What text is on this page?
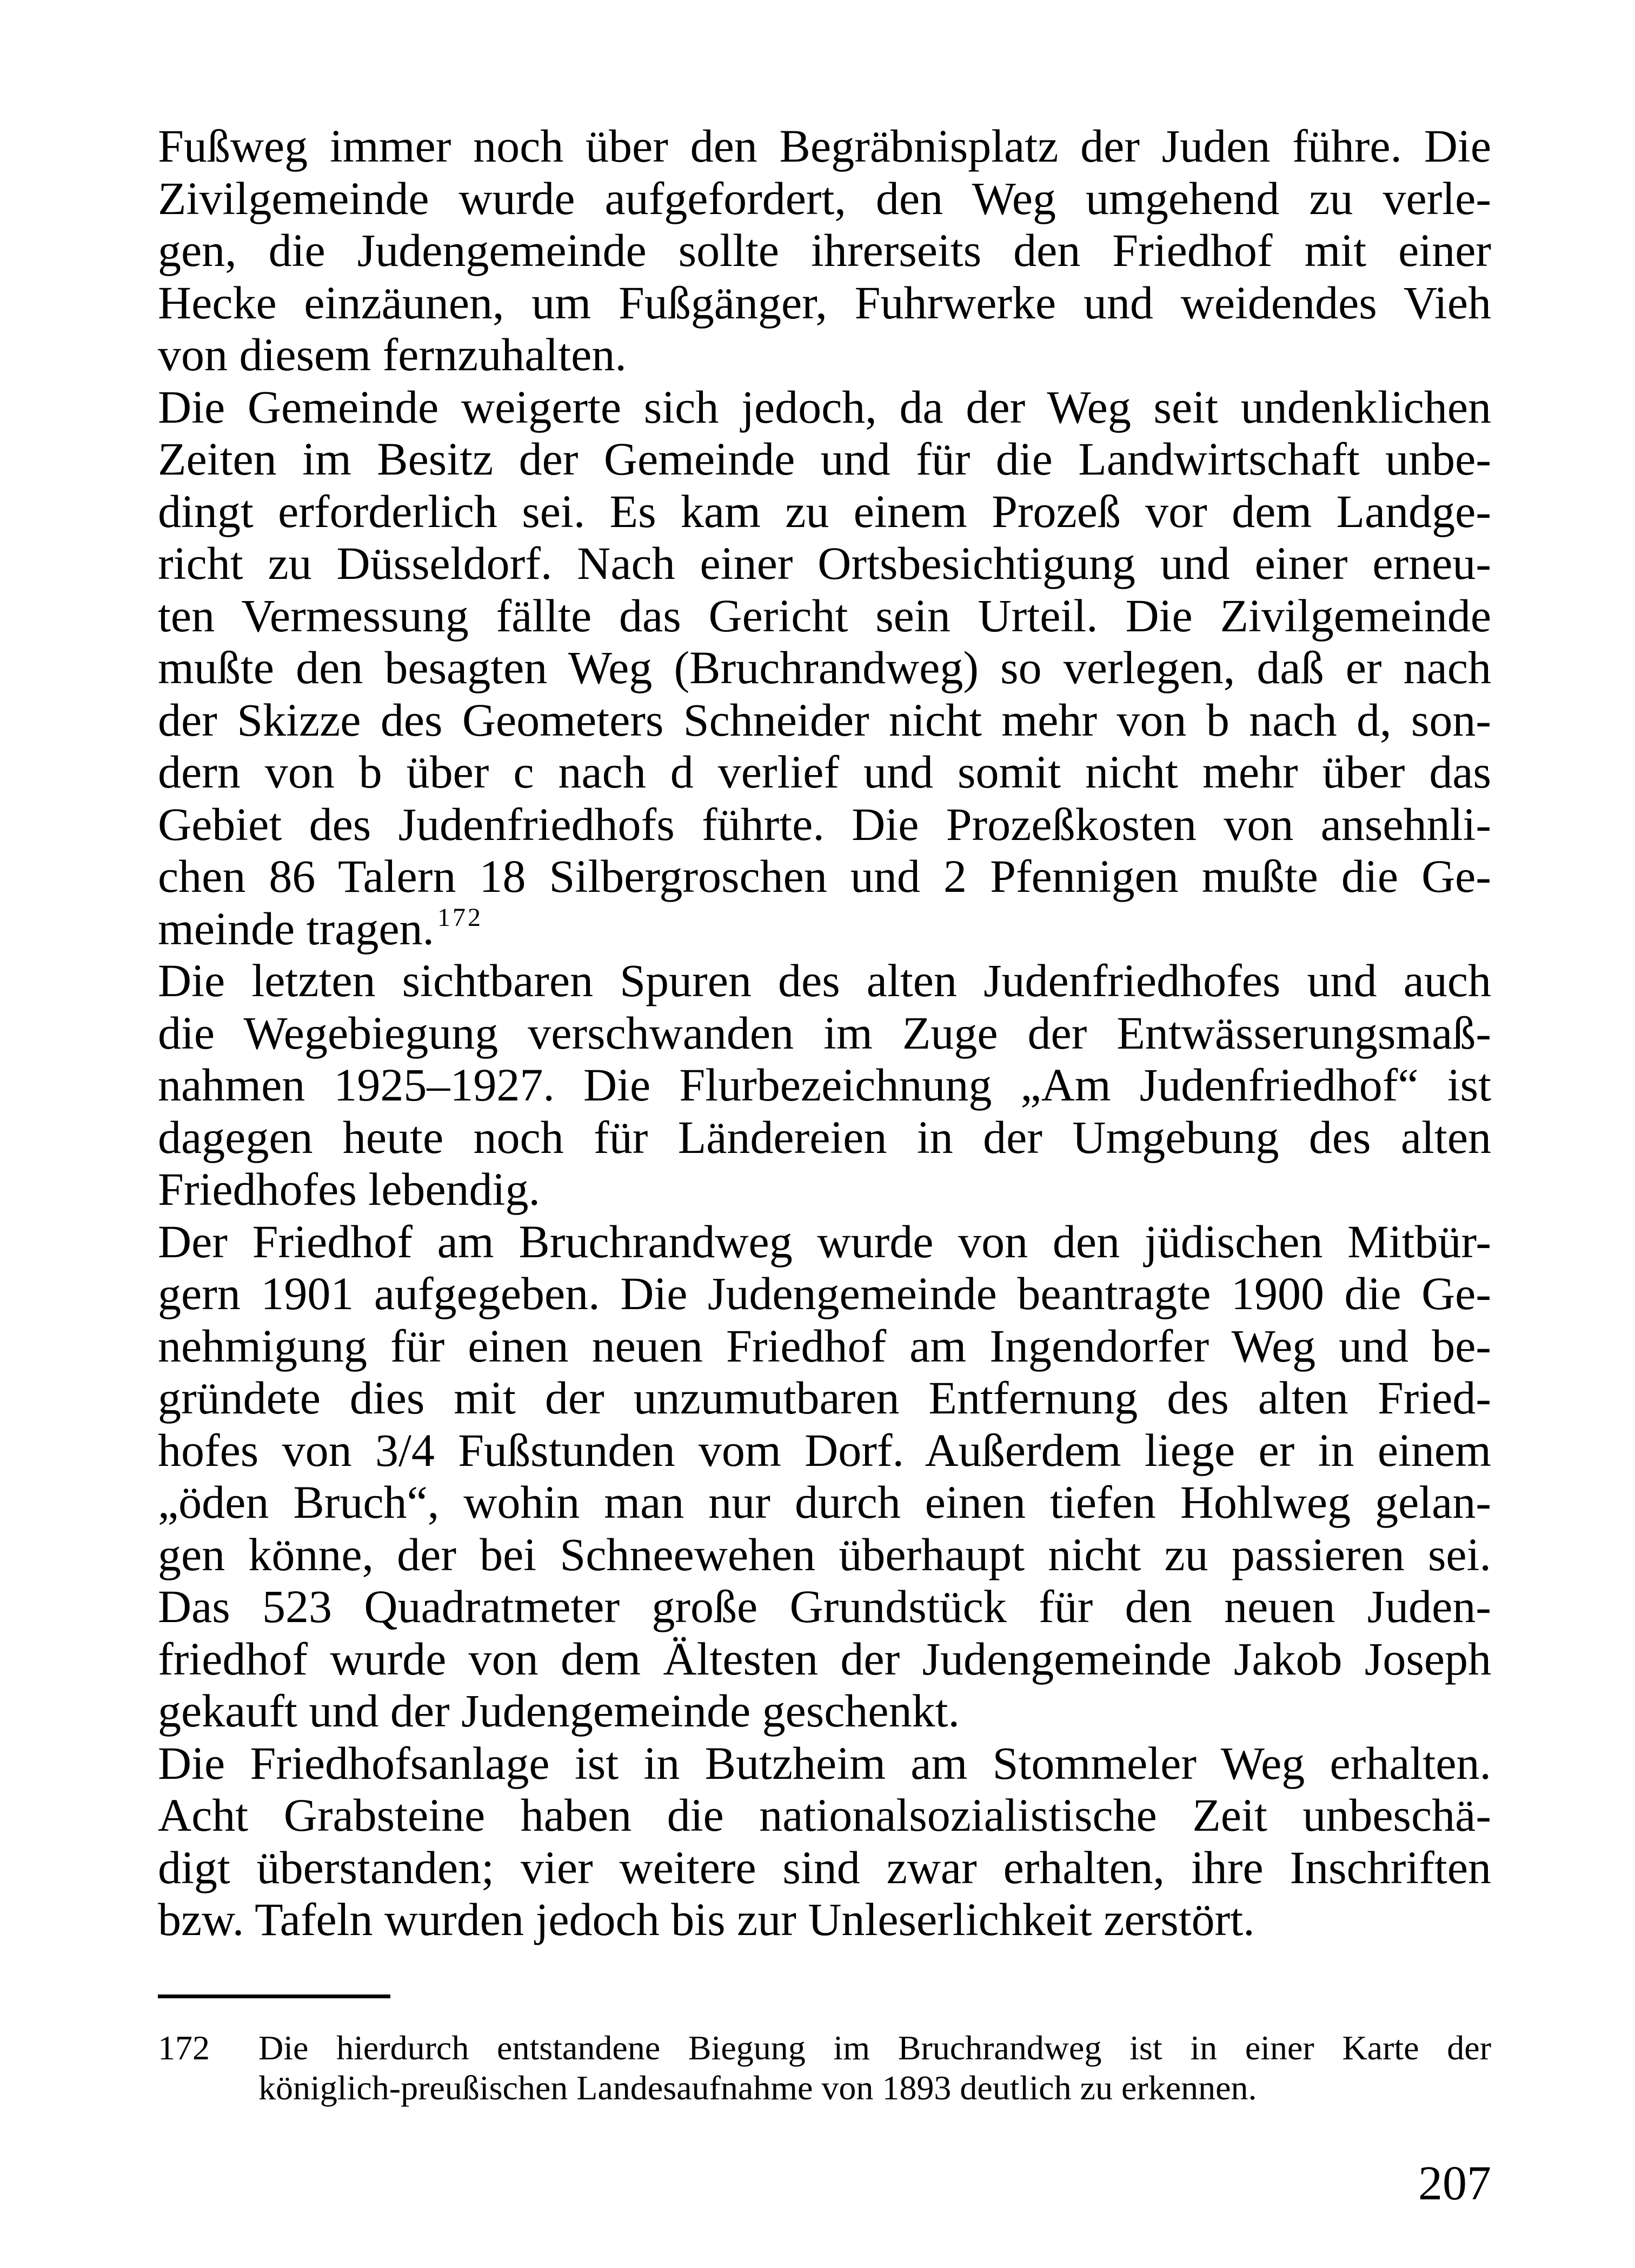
Fußweg immer noch über den Begräbnisplatz der Juden führe. Die
Zivilgemeinde wurde aufgefordert, den Weg umgehend zu verle-
gen, die Judengemeinde sollte ihrerseits den Friedhof mit einer
Hecke einzäunen, um Fußgänger, Fuhrwerke und weidendes Vieh
von diesem fernzuhalten.
Die Gemeinde weigerte sich jedoch, da der Weg seit undenklichen
Zeiten im Besitz der Gemeinde und für die Landwirtschaft unbe-
dingt erforderlich sei. Es kam zu einem Prozeß vor dem Landge-
richt zu Düsseldorf. Nach einer Ortsbesichtigung und einer erneu-
ten Vermessung fällte das Gericht sein Urteil. Die Zivilgemeinde
mußte den besagten Weg (Bruchrandweg) so verlegen, daß er nach
der Skizze des Geometers Schneider nicht mehr von b nach d, son-
dern von b über c nach d verlief und somit nicht mehr über das
Gebiet des Judenfriedhofs führte. Die Prozeßkosten von ansehnli-
chen 86 Talern 18 Silbergroschen und 2 Pfennigen mußte die Ge-
meinde tragen. $^{172}$
Die letzten sichtbaren Spuren des alten Judenfriedhofes und auch
die Wegebiegung verschwanden im Zuge der Entwässerungsmaß-
nahmen 1925–1927. Die Flurbezeichnung „Am Judenfriedhof“ ist
dagegen heute noch für Ländereien in der Umgebung des alten
Friedhofes lebendig.
Der Friedhof am Bruchrandweg wurde von den jüdischen Mitbür-
gern 1901 aufgegeben. Die Judengemeinde beantragte 1900 die Ge-
nehmigung für einen neuen Friedhof am Ingendorfer Weg und be-
gründete dies mit der unzumutbaren Entfernung des alten Fried-
hofes von 3/4 Fußstunden vom Dorf. Außerdem liege er in einem
„öden Bruch“, wohin man nur durch einen tiefen Hohlweg gelan-
gen könne, der bei Schneewehen überhaupt nicht zu passieren sei.
Das 523 Quadratmeter große Grundstück für den neuen Juden-
friedhof wurde von dem Ältesten der Judengemeinde Jakob Joseph
gekauft und der Judengemeinde geschenkt.
Die Friedhofsanlage ist in Butzheim am Stommeler Weg erhalten.
Acht Grabsteine haben die nationalsozialistische Zeit unbeschä-
digt überstanden; vier weitere sind zwar erhalten, ihre Inschriften
bzw. Tafeln wurden jedoch bis zur Unleserlichkeit zerstört.
172 Die hierdurch entstandene Biegung im Bruchrandweg ist in einer Karte der
königlich-preußischen Landesaufnahme von 1893 deutlich zu erkennen.
207
